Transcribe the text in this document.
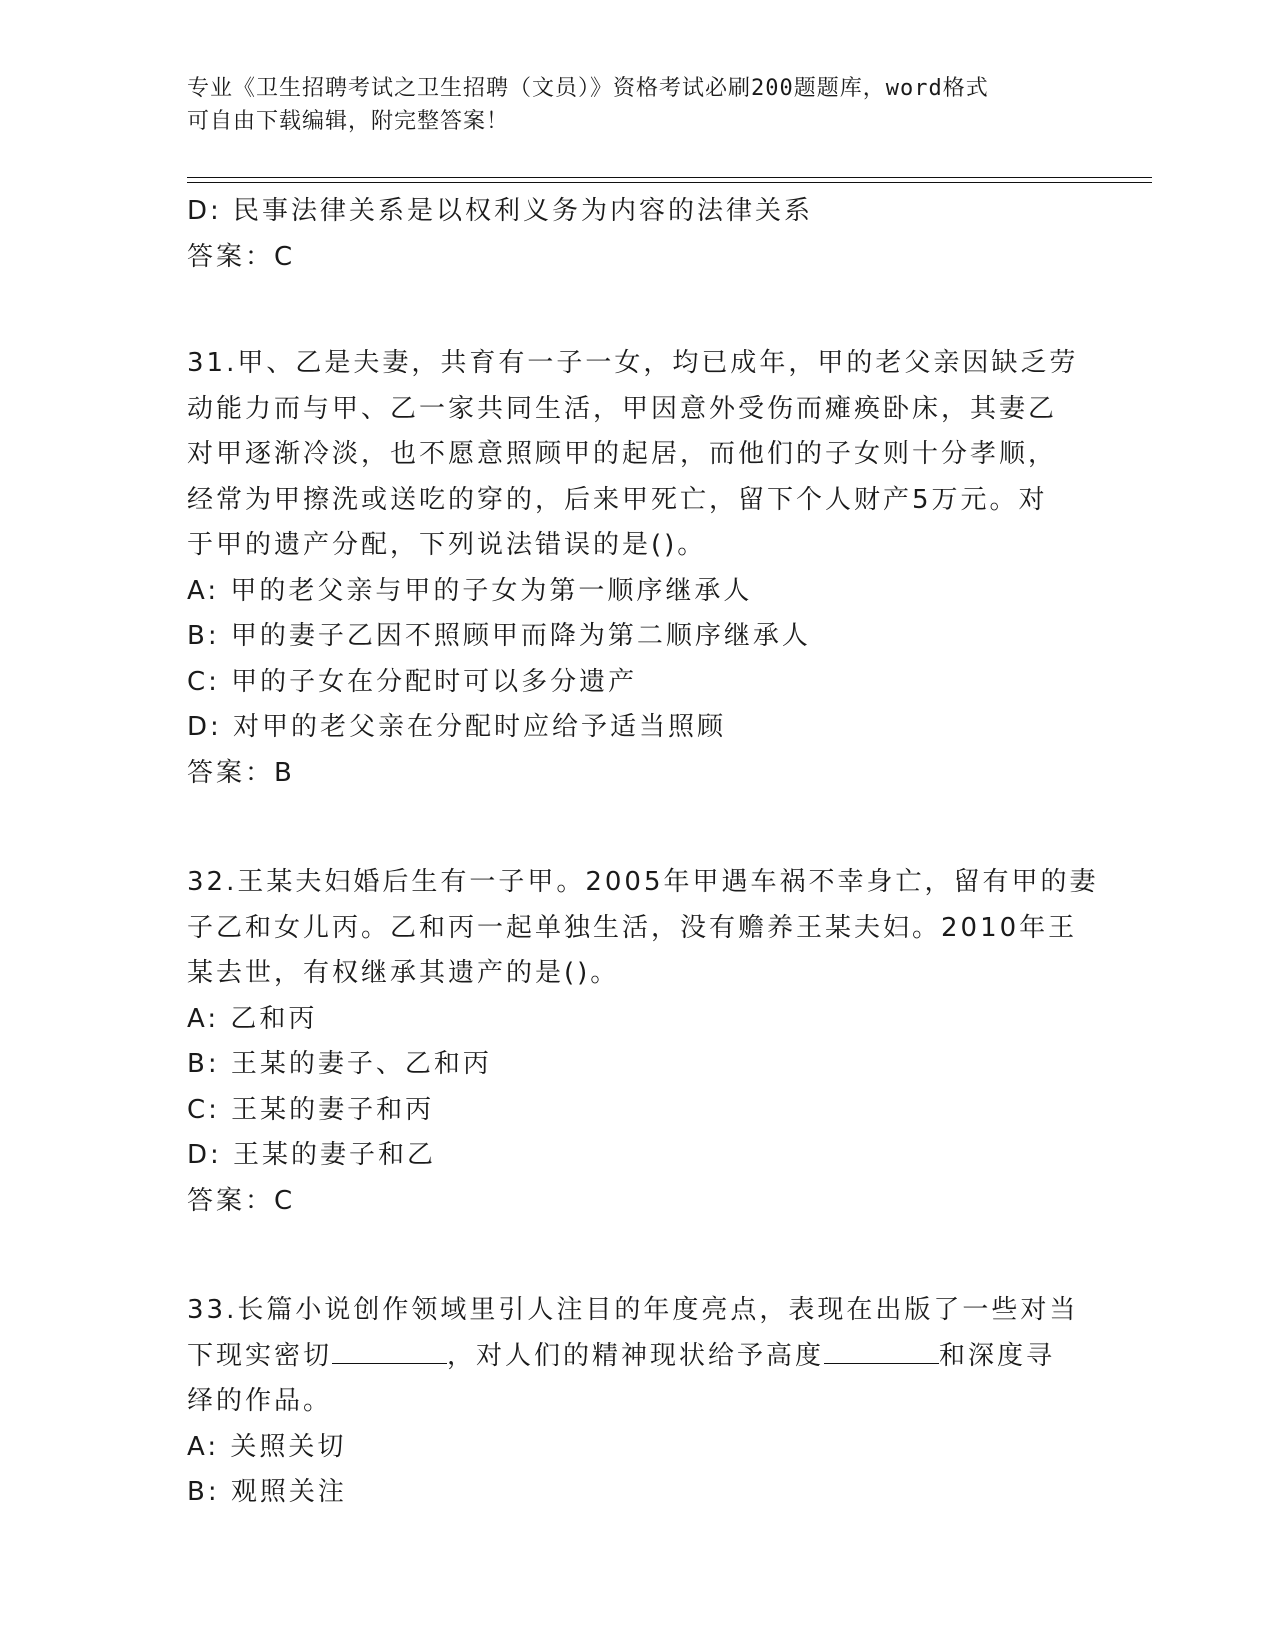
专业《卫生招聘考试之卫生招聘（文员）》资格考试必刷200题题库，word格式
可自由下载编辑，附完整答案！
D: 民事法律关系是以权利义务为内容的法律关系
答案：C
31.甲、乙是夫妻，共育有一子一女，均已成年，甲的老父亲因缺乏劳
动能力而与甲、乙一家共同生活，甲因意外受伤而瘫痪卧床，其妻乙
对甲逐渐冷淡，也不愿意照顾甲的起居，而他们的子女则十分孝顺，
经常为甲擦洗或送吃的穿的，后来甲死亡，留下个人财产5万元。对
于甲的遗产分配，下列说法错误的是()。
A: 甲的老父亲与甲的子女为第一顺序继承人
B: 甲的妻子乙因不照顾甲而降为第二顺序继承人
C: 甲的子女在分配时可以多分遗产
D: 对甲的老父亲在分配时应给予适当照顾
答案：B
32.王某夫妇婚后生有一子甲。2005年甲遇车祸不幸身亡，留有甲的妻
子乙和女儿丙。乙和丙一起单独生活，没有赡养王某夫妇。2010年王
某去世，有权继承其遗产的是()。
A: 乙和丙
B: 王某的妻子、乙和丙
C: 王某的妻子和丙
D: 王某的妻子和乙
答案：C
33.长篇小说创作领域里引人注目的年度亮点，表现在出版了一些对当
下现实密切	，对人们的精神现状给予高度	和深度寻
绎的作品。
A: 关照关切
B: 观照关注
